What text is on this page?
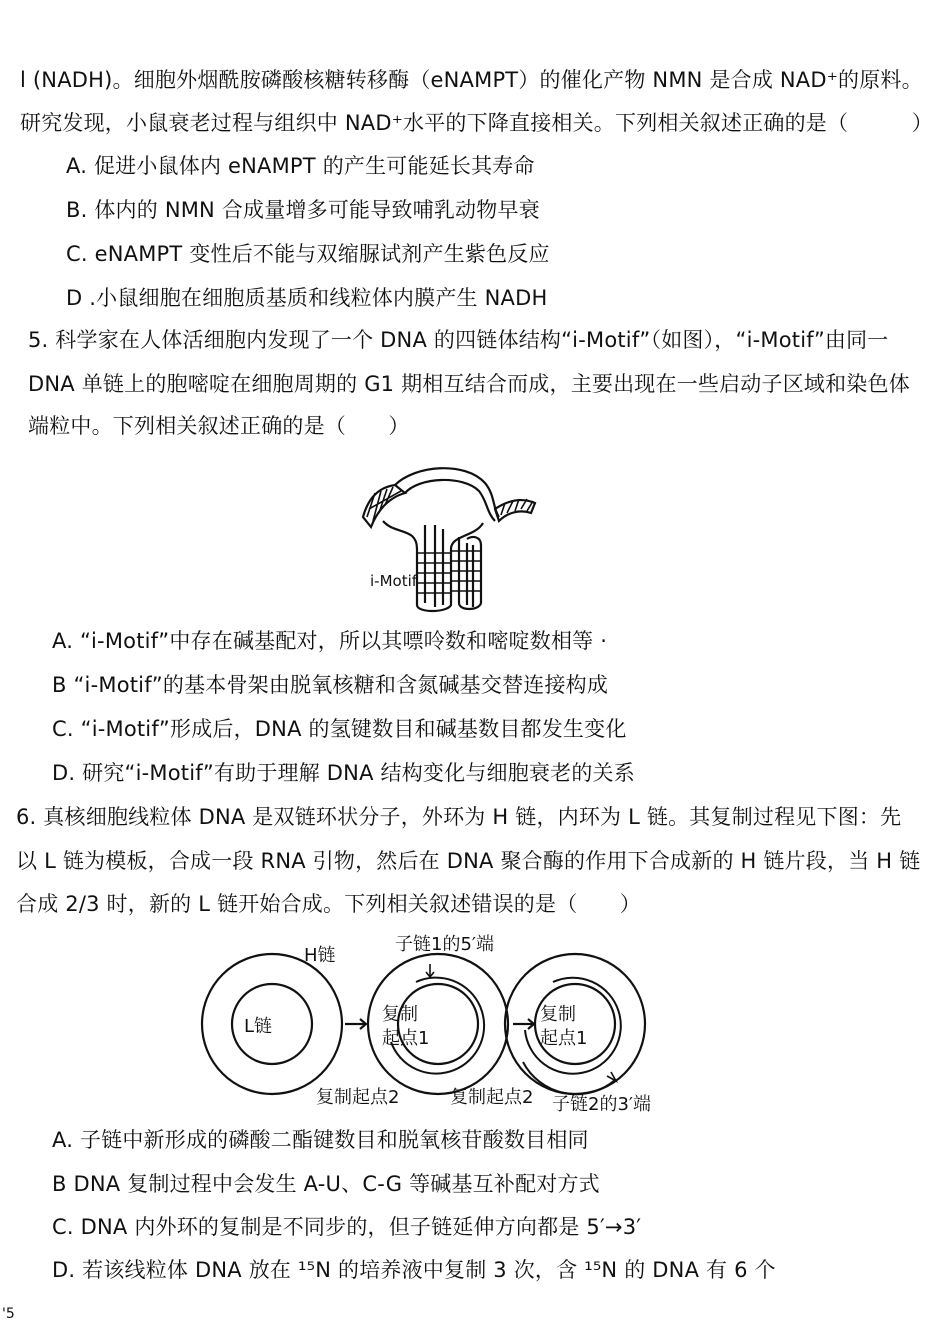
l (NADH)。细胞外烟酰胺磷酸核糖转移酶（eNAMPT）的催化产物 NMN 是合成 NAD⁺的原料。
研究发现，小鼠衰老过程与组织中 NAD⁺水平的下降直接相关。下列相关叙述正确的是（　　　）
A. 促进小鼠体内 eNAMPT 的产生可能延长其寿命
B. 体内的 NMN 合成量增多可能导致哺乳动物早衰
C. eNAMPT 变性后不能与双缩脲试剂产生紫色反应
D .小鼠细胞在细胞质基质和线粒体内膜产生 NADH
5. 科学家在人体活细胞内发现了一个 DNA 的四链体结构“i-Motif”（如图），“i-Motif”由同一
DNA 单链上的胞嘧啶在细胞周期的 G1 期相互结合而成，主要出现在一些启动子区域和染色体
端粒中。下列相关叙述正确的是（　　）
i-Motif
A. “i-Motif”中存在碱基配对，所以其嘌呤数和嘧啶数相等 ·
B “i-Motif”的基本骨架由脱氧核糖和含氮碱基交替连接构成
C. “i-Motif”形成后，DNA 的氢键数目和碱基数目都发生变化
D. 研究“i-Motif”有助于理解 DNA 结构变化与细胞衰老的关系
6. 真核细胞线粒体 DNA 是双链环状分子，外环为 H 链，内环为 L 链。其复制过程见下图：先
以 L 链为模板，合成一段 RNA 引物，然后在 DNA 聚合酶的作用下合成新的 H 链片段，当 H 链
合成 2/3 时，新的 L 链开始合成。下列相关叙述错误的是（　　）
H链
L链
子链1的5′端
复制
起点1
复制
起点1
复制起点2	复制起点2 子链2的3′端
A. 子链中新形成的磷酸二酯键数目和脱氧核苷酸数目相同
B DNA 复制过程中会发生 A-U、C-G 等碱基互补配对方式
C. DNA 内外环的复制是不同步的，但子链延伸方向都是 5′→3′
D. 若该线粒体 DNA 放在 ¹⁵N 的培养液中复制 3 次，含 ¹⁵N 的 DNA 有 6 个
'5
